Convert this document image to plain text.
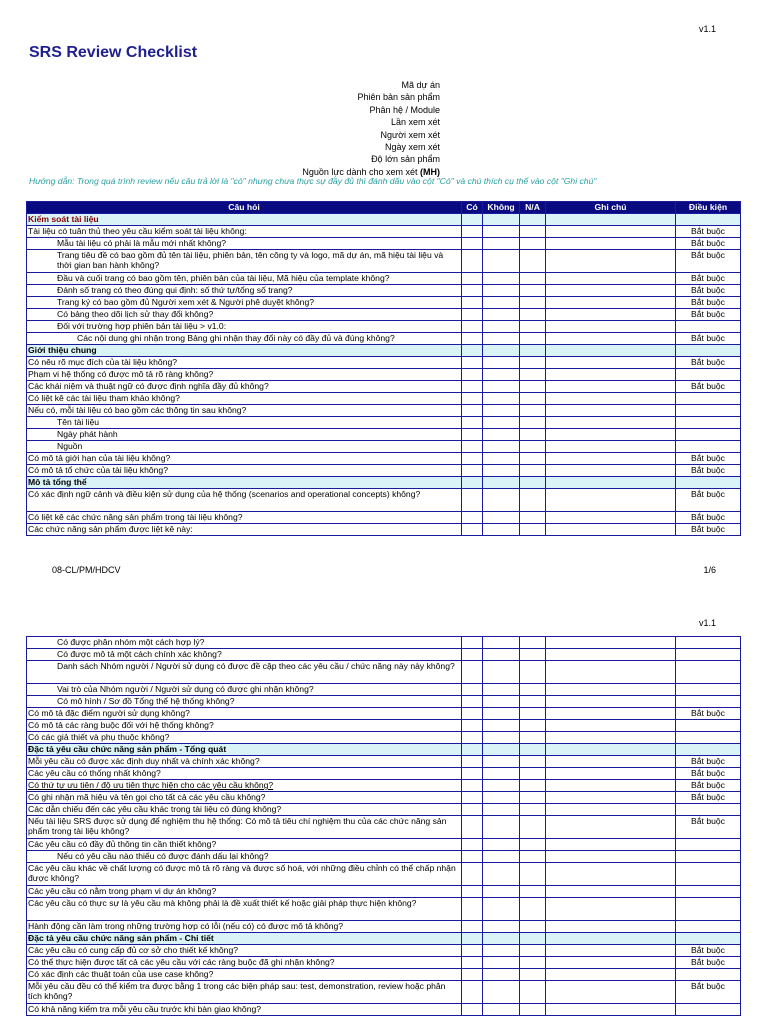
v1.1
SRS Review Checklist
Mã dự án
Phiên bản sản phẩm
Phân hệ / Module
Lần xem xét
Người xem xét
Ngày xem xét
Độ lớn sản phẩm
Nguồn lực dành cho xem xét (MH)
Hướng dẫn: Trong quá trình review nếu câu trả lời là "có" nhưng chưa thực sự đầy đủ thì đánh dấu vào cột "Có" và chú thích cụ thể vào cột "Ghi chú"
Câu hỏi	Có	Không	N/A	Ghi chú	Điều kiện
Kiểm soát tài liệu					
Tài liệu có tuân thủ theo yêu cầu kiểm soát tài liệu không:					Bắt buộc
Mẫu tài liệu có phải là mẫu mới nhất không?					Bắt buộc
Trang tiêu đề có bao gồm đủ tên tài liệu, phiên bản, tên công ty và logo, mã dự án, mã hiệu tài liệu và thời gian ban hành không?					Bắt buộc
Đầu và cuối trang có bao gồm tên, phiên bản của tài liệu, Mã hiệu của template không?					Bắt buộc
Đánh số trang có theo đúng qui định: số thứ tự/tổng số trang?					Bắt buộc
Trang ký có bao gồm đủ Người xem xét & Người phê duyệt không?					Bắt buộc
Có bảng theo dõi lịch sử thay đổi không?					Bắt buộc
Đối với trường hợp phiên bản tài liệu > v1.0:					
Các nội dung ghi nhận trong Bảng ghi nhận thay đổi này có đầy đủ và đúng không?					Bắt buộc
Giới thiệu chung					
Có nêu rõ mục đích của tài liệu không?					Bắt buộc
Phạm vi hệ thống có được mô tả rõ ràng không?					
Các khái niệm và thuật ngữ có được định nghĩa đầy đủ không?					Bắt buộc
Có liệt kê các tài liệu tham khảo không?					
Nếu có, mỗi tài liệu có bao gồm các thông tin sau không?					
Tên tài liệu					
Ngày phát hành					
Nguồn					
Có mô tả giới hạn của tài liệu không?					Bắt buộc
Có mô tả tổ chức của tài liệu không?					Bắt buộc
Mô tả tổng thể					
Có xác định ngữ cảnh và điều kiện sử dụng của hệ thống (scenarios and operational concepts) không?					Bắt buộc
Có liệt kê các chức năng sản phẩm trong tài liệu không?					Bắt buộc
Các chức năng sản phẩm được liệt kê này:					Bắt buộc
08-CL/PM/HDCV	1/6
v1.1
Có được phân nhóm một cách hợp lý?					
Có được mô tả một cách chính xác không?					
Danh sách Nhóm người / Người sử dụng có được đề cập theo các yêu cầu / chức năng này này không?					
Vai trò của Nhóm người / Người sử dụng có được ghi nhận không?					
Có mô hình / Sơ đồ Tổng thể hệ thống không?					
Có mô tả đặc điểm người sử dụng không?					Bắt buộc
Có mô tả các ràng buộc đối với hệ thống không?					
Có các giả thiết và phụ thuộc không?					
Đặc tả yêu cầu chức năng sản phẩm - Tổng quát					
Mỗi yêu cầu có được xác định duy nhất và chính xác không?					Bắt buộc
Các yêu cầu có thống nhất không?					Bắt buộc
Có thứ tự ưu tiên / độ ưu tiên thực hiện cho các yêu cầu không?					Bắt buộc
Có ghi nhận mã hiệu và tên gọi cho tất cả các yêu cầu không?					Bắt buộc
Các dẫn chiếu đến các yêu cầu khác trong tài liệu có đúng không?					
Nếu tài liệu SRS được sử dụng để nghiệm thu hệ thống: Có mô tả tiêu chí nghiệm thu của các chức năng sản phẩm trong tài liệu không?					Bắt buộc
Các yêu cầu có đầy đủ thông tin cần thiết không?					
Nếu có yêu cầu nào thiếu có được đánh dấu lại không?					
Các yêu cầu khác về chất lượng có được mô tả rõ ràng và được số hoá, với những điều chỉnh có thể chấp nhận được không?					
Các yêu cầu có nằm trong phạm vi dự án không?					
Các yêu cầu có thực sự là yêu cầu mà không phải là đề xuất thiết kế hoặc giải pháp thực hiện không?					
Hành động cần làm trong những trường hợp có lỗi (nếu có) có được mô tả không?					
Đặc tả yêu cầu chức năng sản phẩm - Chi tiết					
Các yêu cầu có cung cấp đủ cơ sở cho thiết kế không?					Bắt buộc
Có thể thực hiện được tất cả các yêu cầu với các ràng buộc đã ghi nhận không?					Bắt buộc
Có xác định các thuật toán của use case không?					
Mỗi yêu cầu đều có thể kiểm tra được bằng 1 trong các biện pháp sau: test, demonstration, review hoặc phân tích không?					Bắt buộc
Có khả năng kiểm tra mỗi yêu cầu trước khi bàn giao không?					
